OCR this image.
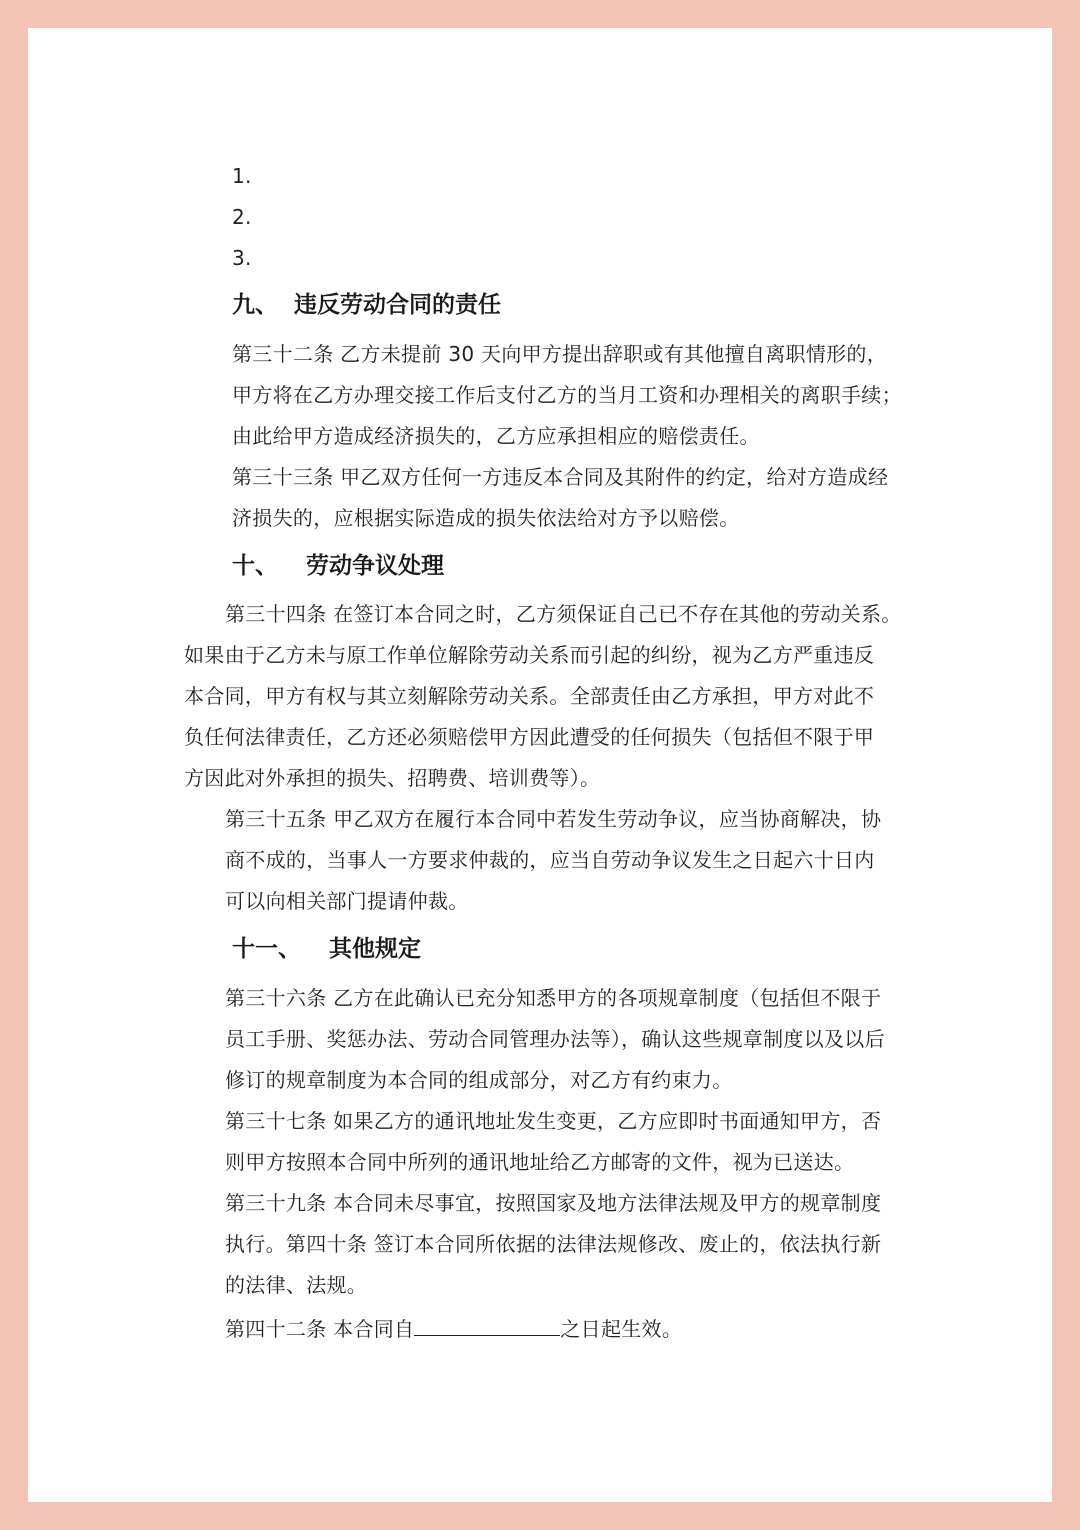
1.
2.
3.
九、 违反劳动合同的责任
第三十二条 乙方未提前 30 天向甲方提出辞职或有其他擅自离职情形的，
甲方将在乙方办理交接工作后支付乙方的当月工资和办理相关的离职手续；
由此给甲方造成经济损失的，乙方应承担相应的赔偿责任。
第三十三条 甲乙双方任何一方违反本合同及其附件的约定，给对方造成经
济损失的，应根据实际造成的损失依法给对方予以赔偿。
十、 劳动争议处理
第三十四条 在签订本合同之时，乙方须保证自己已不存在其他的劳动关系。
如果由于乙方未与原工作单位解除劳动关系而引起的纠纷，视为乙方严重违反
本合同，甲方有权与其立刻解除劳动关系。全部责任由乙方承担，甲方对此不
负任何法律责任，乙方还必须赔偿甲方因此遭受的任何损失（包括但不限于甲
方因此对外承担的损失、招聘费、培训费等）。
第三十五条 甲乙双方在履行本合同中若发生劳动争议，应当协商解决，协
商不成的，当事人一方要求仲裁的，应当自劳动争议发生之日起六十日内
可以向相关部门提请仲裁。
十一、 其他规定
第三十六条 乙方在此确认已充分知悉甲方的各项规章制度（包括但不限于
员工手册、奖惩办法、劳动合同管理办法等），确认这些规章制度以及以后
修订的规章制度为本合同的组成部分，对乙方有约束力。
第三十七条 如果乙方的通讯地址发生变更，乙方应即时书面通知甲方，否
则甲方按照本合同中所列的通讯地址给乙方邮寄的文件，视为已送达。
第三十九条 本合同未尽事宜，按照国家及地方法律法规及甲方的规章制度
执行。第四十条 签订本合同所依据的法律法规修改、废止的，依法执行新
的法律、法规。
第四十二条 本合同自	之日起生效。
